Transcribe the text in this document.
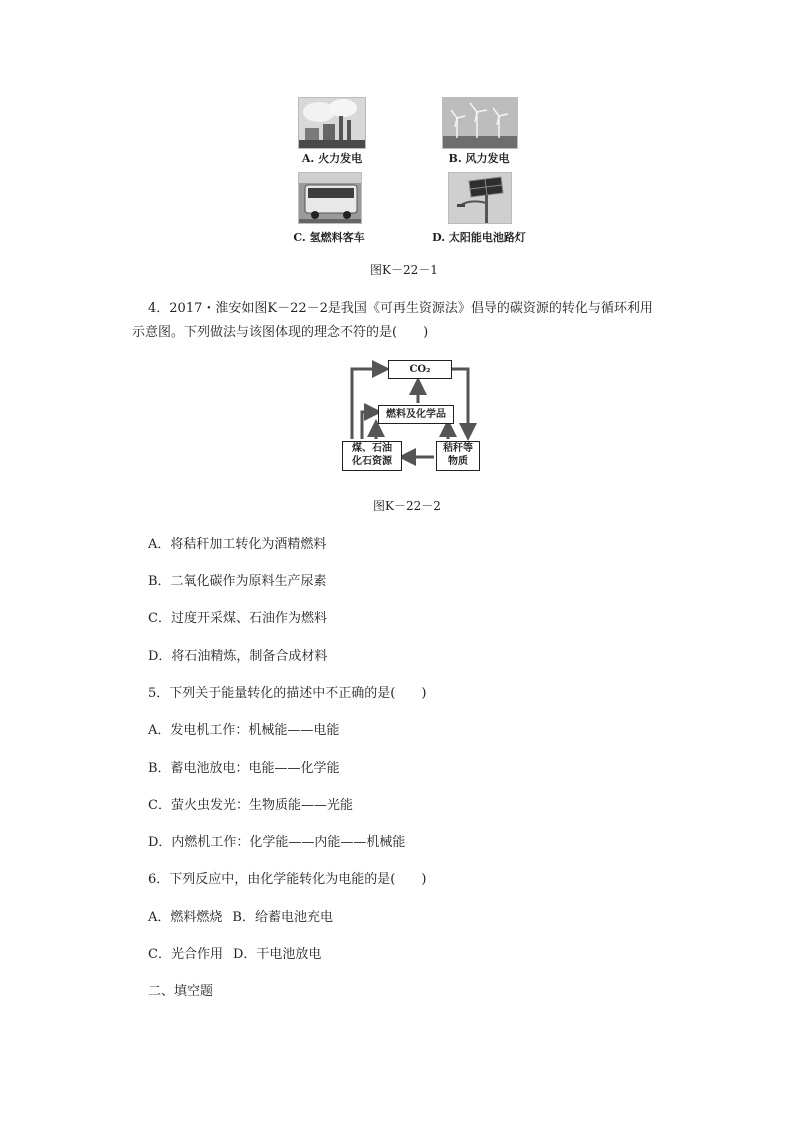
A. 火力发电	B. 风力发电
C. 氢燃料客车	D. 太阳能电池路灯
图K－22－1
4．2017・淮安如图K－22－2是我国《可再生资源法》倡导的碳资源的转化与循环利用
示意图。下列做法与该图体现的理念不符的是(　　)
CO₂
燃料及化学品
煤、石油
化石资源
秸秆等
物质
图K－22－2
A．将秸秆加工转化为酒精燃料
B．二氧化碳作为原料生产尿素
C．过度开采煤、石油作为燃料
D．将石油精炼，制备合成材料
5．下列关于能量转化的描述中不正确的是(　　)
A．发电机工作：机械能——电能
B．蓄电池放电：电能——化学能
C．萤火虫发光：生物质能——光能
D．内燃机工作：化学能——内能——机械能
6．下列反应中，由化学能转化为电能的是(　　)
A．燃料燃烧 B．给蓄电池充电
C．光合作用 D．干电池放电
二、填空题
